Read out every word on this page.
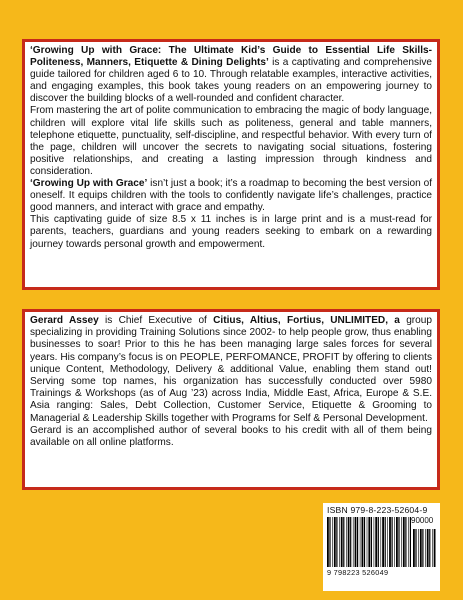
‘Growing Up with Grace: The Ultimate Kid’s Guide to Essential Life Skills-Politeness, Manners, Etiquette & Dining Delights’ is a captivating and comprehensive guide tailored for children aged 6 to 10. Through relatable examples, interactive activities, and engaging examples, this book takes young readers on an empowering journey to discover the building blocks of a well-rounded and confident character.

From mastering the art of polite communication to embracing the magic of body language, children will explore vital life skills such as politeness, general and table manners, telephone etiquette, punctuality, self-discipline, and respectful behavior. With every turn of the page, children will uncover the secrets to navigating social situations, fostering positive relationships, and creating a lasting impression through kindness and consideration.

‘Growing Up with Grace’ isn’t just a book; it’s a roadmap to becoming the best version of oneself. It equips children with the tools to confidently navigate life’s challenges, practice good manners, and interact with grace and empathy.

This captivating guide of size 8.5 x 11 inches is in large print and is a must-read for parents, teachers, guardians and young readers seeking to embark on a rewarding journey towards personal growth and empowerment.

Gerard Assey is Chief Executive of Citius, Altius, Fortius, UNLIMITED, a group specializing in providing Training Solutions since 2002- to help people grow, thus enabling businesses to soar! Prior to this he has been managing large sales forces for several years. His company’s focus is on PEOPLE, PERFOMANCE, PROFIT by offering to clients unique Content, Methodology, Delivery & additional Value, enabling them stand out! Serving some top names, his organization has successfully conducted over 5980 Trainings & Workshops (as of Aug ’23) across India, Middle East, Africa, Europe & S.E. Asia ranging: Sales, Debt Collection, Customer Service, Etiquette & Grooming to Managerial & Leadership Skills together with Programs for Self & Personal Development.

Gerard is an accomplished author of several books to his credit with all of them being available on all online platforms.

ISBN 979-8-223-52604-9
90000
9 798223 526049
